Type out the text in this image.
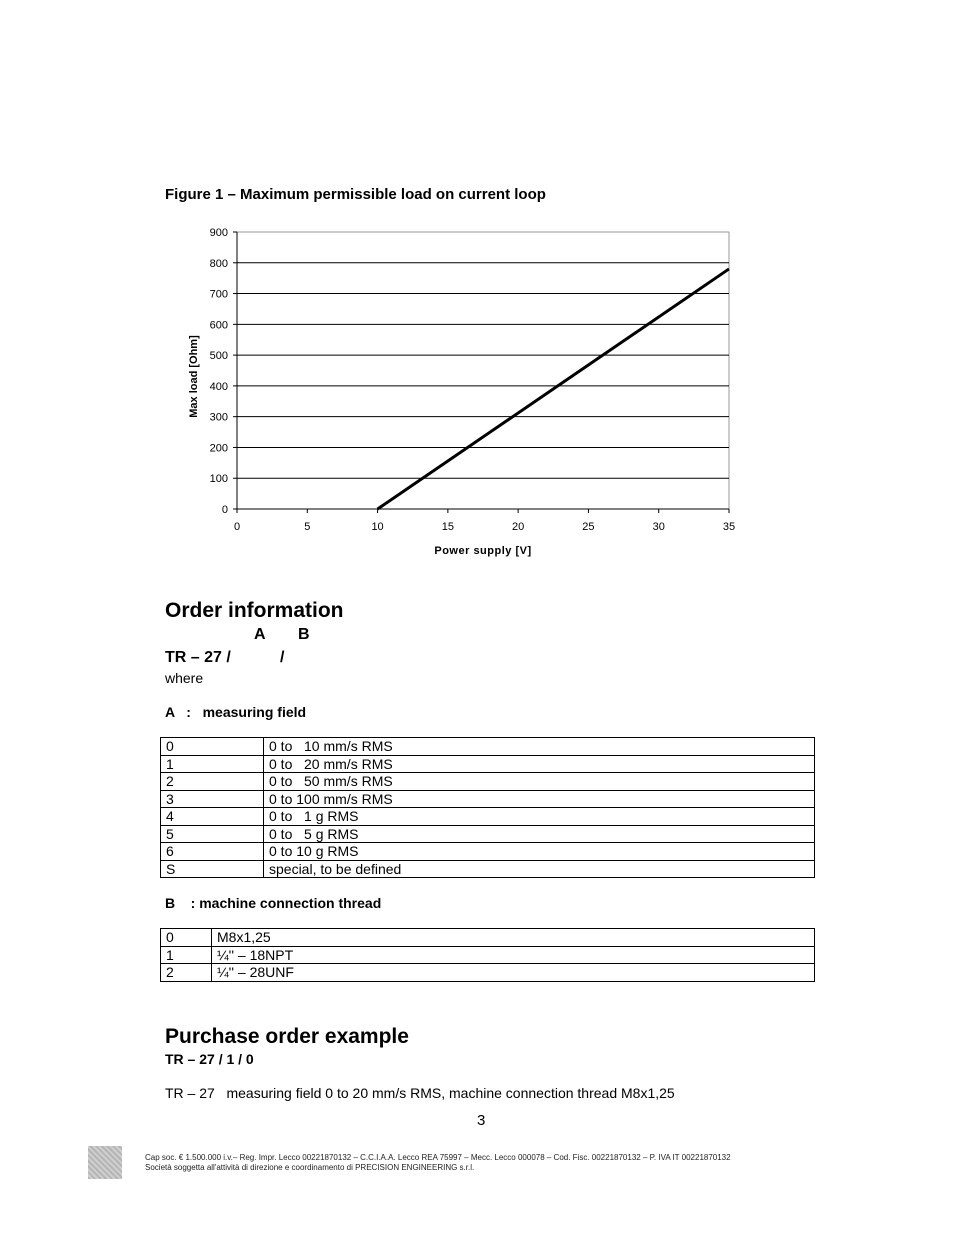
Figure 1 – Maximum permissible load on current loop
0
100
200
300
400
500
600
700
800
900
0	5	10	15	20	25	30	35
Power supply [V]
Max load [Ohm]
Order information
A B
TR – 27 /	/
where
A   :   measuring field
0	0 to   10 mm/s RMS
1	0 to   20 mm/s RMS
2	0 to   50 mm/s RMS
3	0 to 100 mm/s RMS
4	0 to   1 g RMS
5	0 to   5 g RMS
6	0 to 10 g RMS
S	special, to be defined
B    : machine connection thread
0	M8x1,25
1	¼'' – 18NPT
2	¼'' – 28UNF
Purchase order example
TR – 27 / 1 / 0
TR – 27   measuring field 0 to 20 mm/s RMS, machine connection thread M8x1,25
3
Cap soc. € 1.500.000 i.v.– Reg. Impr. Lecco 00221870132 – C.C.I.A.A. Lecco REA 75997 – Mecc. Lecco 000078 – Cod. Fisc. 00221870132 – P. IVA IT 00221870132
Società soggetta all'attività di direzione e coordinamento di PRECISION ENGINEERING s.r.l.
